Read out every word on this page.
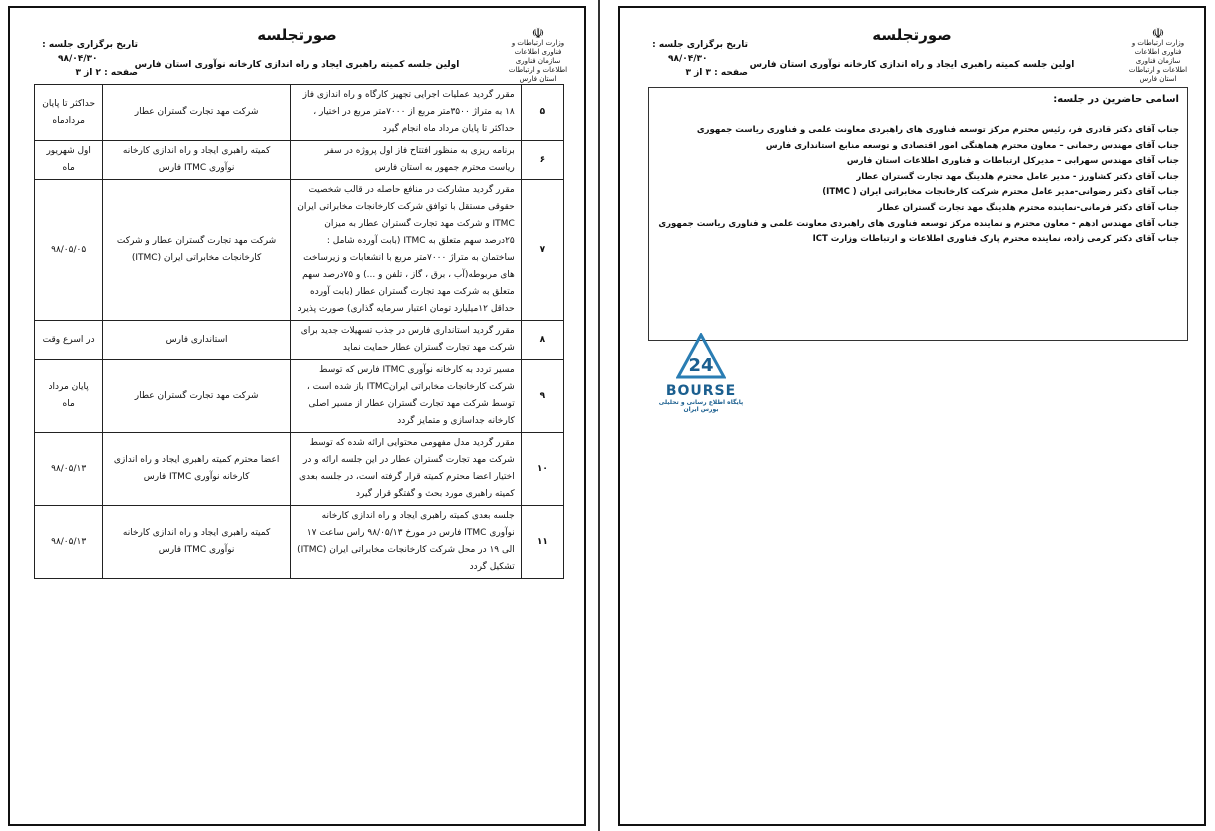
صورتجلسه
اولین جلسه کمیته راهبری ایجاد و راه اندازی کارخانه نوآوری استان فارس
☫
وزارت ارتباطات و فناوری اطلاعات
سازمان فناوری اطلاعات و ارتباطات استان فارس
تاریخ برگزاری جلسه :
۹۸/۰۴/۳۰
صفحه : ۲ از ۳
۵	مقرر گردید عملیات اجرایی تجهیز کارگاه و راه اندازی فاز ۱۸ به متراژ ۳۵۰۰متر مربع از ۷۰۰۰متر مربع در اختیار ، حداکثر تا پایان مرداد ماه انجام گیرد	شرکت مهد تجارت گستران عطار	حداکثر تا پایان مردادماه
۶	برنامه ریزی به منظور افتتاح فاز اول پروژه در سفر ریاست محترم جمهور به استان فارس	کمیته راهبری ایجاد و راه اندازی کارخانه نوآوری ITMC فارس	اول شهریور ماه
۷	مقرر گردید مشارکت در منافع حاصله در قالب شخصیت حقوقی مستقل با توافق شرکت کارخانجات مخابراتی ایران ITMC و شرکت مهد تجارت گستران عطار به میزان ۲۵درصد سهم متعلق به ITMC (بابت آورده شامل : ساختمان به متراژ ۷۰۰۰متر مربع با انشعابات و زیرساخت های مربوطه(آب ، برق ، گاز ، تلفن و ...) و ۷۵درصد سهم متعلق به شرکت مهد تجارت گستران عطار (بابت آورده حداقل ۱۲میلیارد تومان اعتبار سرمایه گذاری) صورت پذیرد	شرکت مهد تجارت گستران عطار و شرکت کارخانجات مخابراتی ایران (ITMC)	۹۸/۰۵/۰۵
۸	مقرر گردید استانداری فارس در جذب تسهیلات جدید برای شرکت مهد تجارت گستران عطار حمایت نماید	استانداری فارس	در اسرع وقت
۹	مسیر تردد به کارخانه نوآوری ITMC فارس که توسط شرکت کارخانجات مخابراتی ایرانITMC باز شده است ، توسط شرکت مهد تجارت گستران عطار از مسیر اصلی کارخانه جداسازی و متمایز گردد	شرکت مهد تجارت گستران عطار	پایان مرداد ماه
۱۰	مقرر گردید مدل مفهومی محتوایی ارائه شده که توسط شرکت مهد تجارت گستران عطار در این جلسه ارائه و در اختیار اعضا محترم کمیته قرار گرفته است، در جلسه بعدی کمیته راهبری مورد بحث و گفتگو قرار گیرد	اعضا محترم کمیته راهبری ایجاد و راه اندازی کارخانه نوآوری ITMC فارس	۹۸/۰۵/۱۳
۱۱	جلسه بعدی کمیته راهبری ایجاد و راه اندازی کارخانه نوآوری ITMC فارس در مورخ ۹۸/۰۵/۱۳ راس ساعت ۱۷ الی ۱۹ در محل شرکت کارخانجات مخابراتی ایران (ITMC) تشکیل گردد	کمیته راهبری ایجاد و راه اندازی کارخانه نوآوری ITMC فارس	۹۸/۰۵/۱۳
صورتجلسه
اولین جلسه کمیته راهبری ایجاد و راه اندازی کارخانه نوآوری استان فارس
☫
وزارت ارتباطات و فناوری اطلاعات
سازمان فناوری اطلاعات و ارتباطات استان فارس
تاریخ برگزاری جلسه :
۹۸/۰۴/۳۰
صفحه : ۳ از ۳
اسامی حاضرین در جلسه:
جناب آقای دکتر قادری فر، رئیس محترم مرکز توسعه فناوری های راهبردی معاونت علمی و فناوری ریاست جمهوری
جناب آقای مهندس رحمانی – معاون محترم هماهنگی امور اقتصادی و توسعه منابع استانداری فارس
جناب آقای مهندس سهرابی – مدیرکل ارتباطات و فناوری اطلاعات استان فارس
جناب آقای دکتر کشاورز - مدیر عامل محترم هلدینگ مهد تجارت گستران عطار
جناب آقای دکتر رضوانی-مدیر عامل محترم شرکت کارخانجات مخابراتی ایران ( ITMC)
جناب آقای دکتر فرمانی-نماینده محترم هلدینگ مهد تجارت گستران عطار
جناب آقای مهندس ادهم - معاون محترم و نماینده مرکز توسعه فناوری های راهبردی معاونت علمی و فناوری ریاست جمهوری
جناب آقای دکتر کرمی زاده، نماینده محترم پارک فناوری اطلاعات و ارتباطات وزارت ICT
24
BOURSE
پایگاه اطلاع رسانی و تحلیلی بورس ایران
